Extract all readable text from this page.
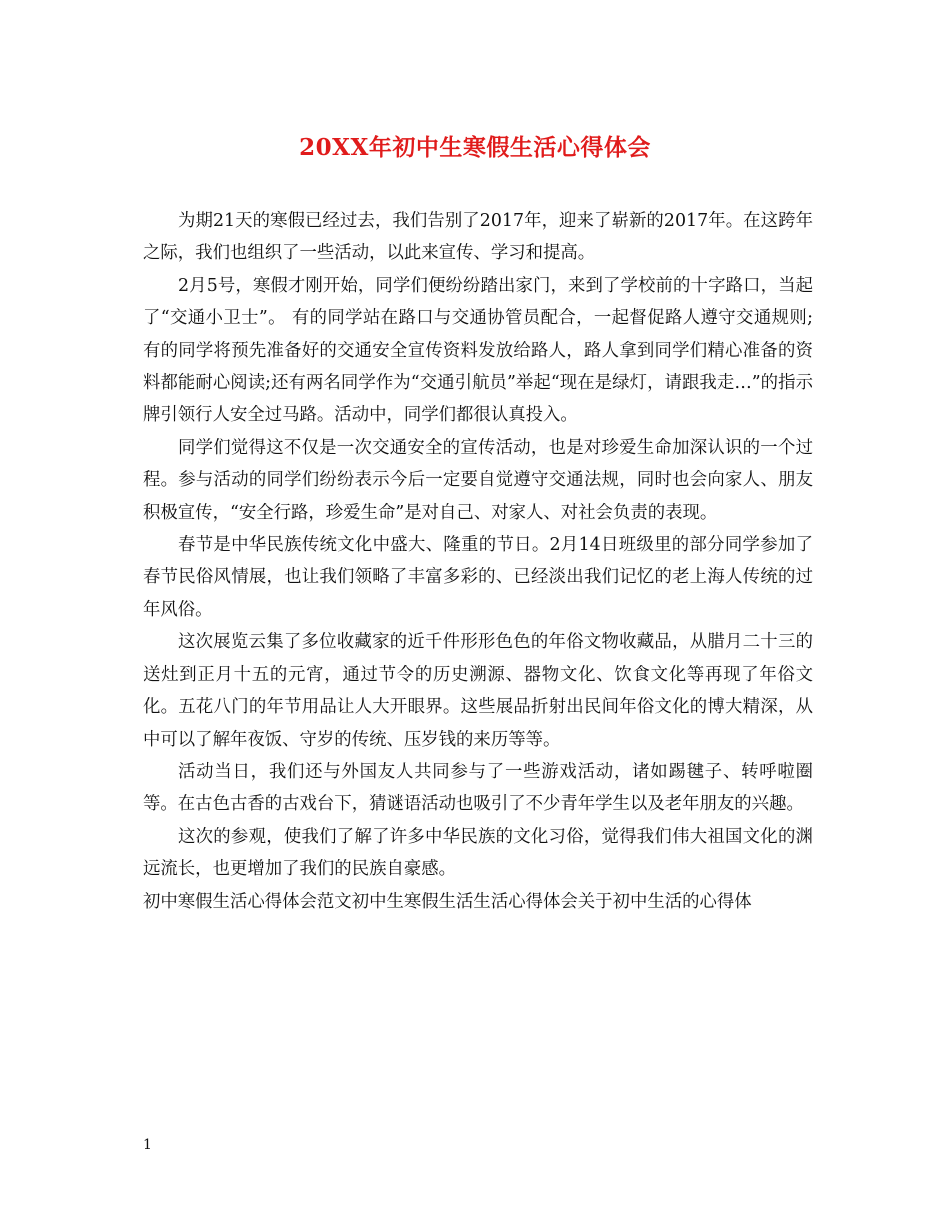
20XX年初中生寒假生活心得体会

为期21天的寒假已经过去，我们告别了2017年，迎来了崭新的2017年。在这跨年之际，我们也组织了一些活动，以此来宣传、学习和提高。

2月5号，寒假才刚开始，同学们便纷纷踏出家门，来到了学校前的十字路口，当起了“交通小卫士”。 有的同学站在路口与交通协管员配合，一起督促路人遵守交通规则;有的同学将预先准备好的交通安全宣传资料发放给路人，路人拿到同学们精心准备的资料都能耐心阅读;还有两名同学作为“交通引航员”举起“现在是绿灯，请跟我走…”的指示牌引领行人安全过马路。活动中，同学们都很认真投入。

同学们觉得这不仅是一次交通安全的宣传活动，也是对珍爱生命加深认识的一个过程。参与活动的同学们纷纷表示今后一定要自觉遵守交通法规，同时也会向家人、朋友积极宣传，“安全行路，珍爱生命”是对自己、对家人、对社会负责的表现。

春节是中华民族传统文化中盛大、隆重的节日。2月14日班级里的部分同学参加了春节民俗风情展，也让我们领略了丰富多彩的、已经淡出我们记忆的老上海人传统的过年风俗。

这次展览云集了多位收藏家的近千件形形色色的年俗文物收藏品，从腊月二十三的送灶到正月十五的元宵，通过节令的历史溯源、器物文化、饮食文化等再现了年俗文化。五花八门的年节用品让人大开眼界。这些展品折射出民间年俗文化的博大精深，从中可以了解年夜饭、守岁的传统、压岁钱的来历等等。

活动当日，我们还与外国友人共同参与了一些游戏活动，诸如踢毽子、转呼啦圈等。在古色古香的古戏台下，猜谜语活动也吸引了不少青年学生以及老年朋友的兴趣。

这次的参观，使我们了解了许多中华民族的文化习俗，觉得我们伟大祖国文化的渊远流长，也更增加了我们的民族自豪感。

初中寒假生活心得体会范文初中生寒假生活生活心得体会关于初中生活的心得体

1
